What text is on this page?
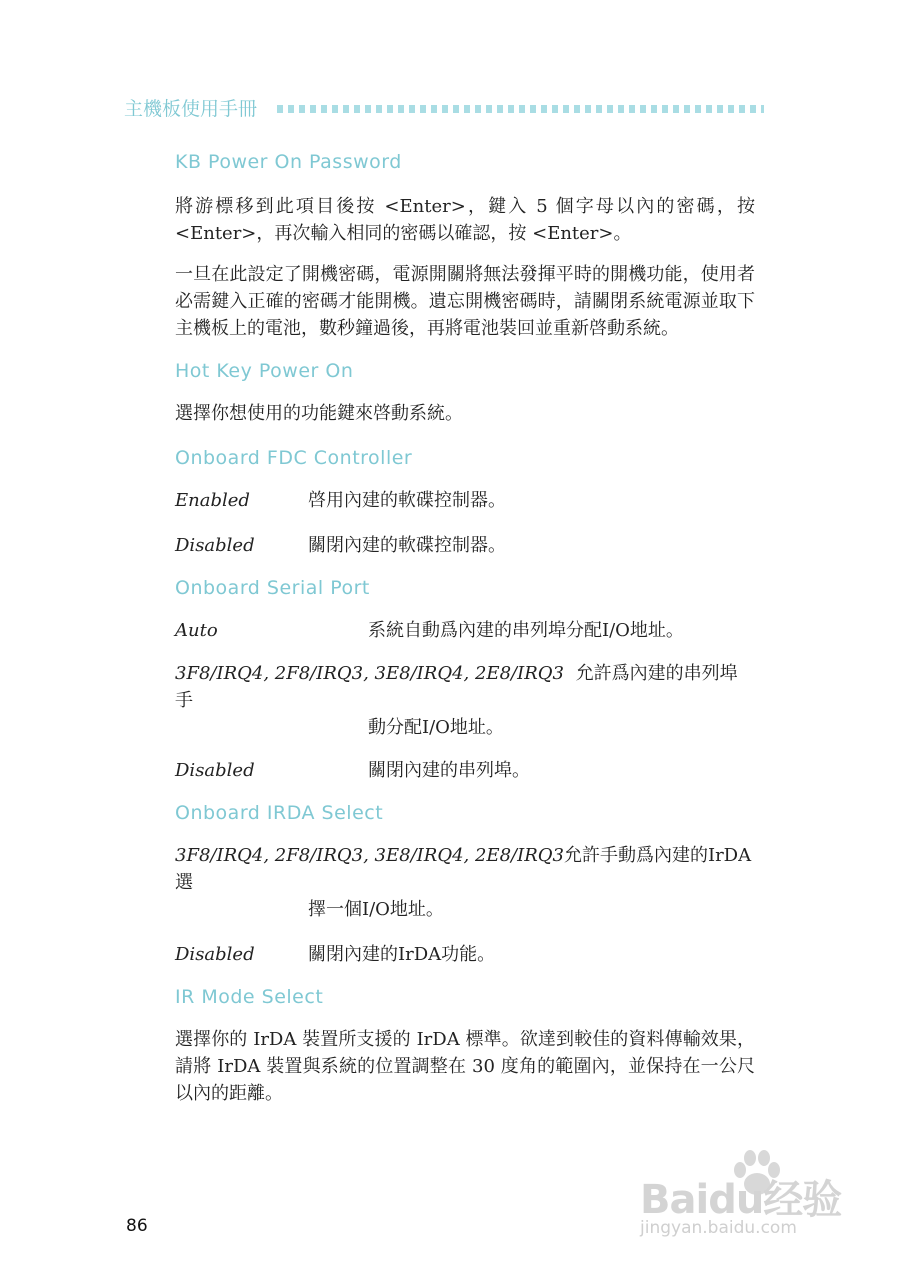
主機板使用手冊
KB Power On Password

將游標移到此項目後按 <Enter>，鍵入 5 個字母以內的密碼，按 <Enter>，再次輸入相同的密碼以確認，按 <Enter>。

一旦在此設定了開機密碼，電源開關將無法發揮平時的開機功能，使用者必需鍵入正確的密碼才能開機。遺忘開機密碼時，請關閉系統電源並取下主機板上的電池，數秒鐘過後，再將電池裝回並重新啓動系統。

Hot Key Power On

選擇你想使用的功能鍵來啓動系統。

Onboard FDC Controller
Enabled	啓用內建的軟碟控制器。
Disabled	關閉內建的軟碟控制器。
Onboard Serial Port
Auto	系統自動爲內建的串列埠分配I/O地址。
3F8/IRQ4, 2F8/IRQ3, 3E8/IRQ4, 2E8/IRQ3 允許爲內建的串列埠手
動分配I/O地址。
Disabled	關閉內建的串列埠。
Onboard IRDA Select
3F8/IRQ4, 2F8/IRQ3, 3E8/IRQ4, 2E8/IRQ3允許手動爲內建的IrDA選
擇一個I/O地址。
Disabled	關閉內建的IrDA功能。
IR Mode Select

選擇你的 IrDA 裝置所支援的 IrDA 標準。欲達到較佳的資料傳輸效果，請將 IrDA 裝置與系統的位置調整在 30 度角的範圍內，並保持在一公尺以內的距離。

86
Baidu经验
jingyan.baidu.com
